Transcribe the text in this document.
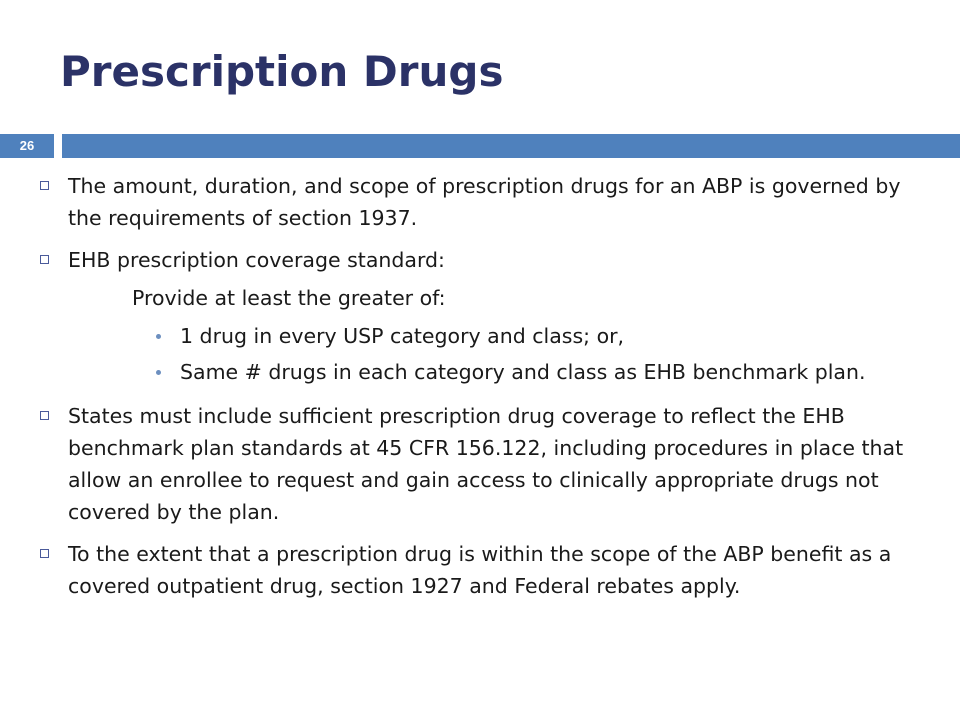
Prescription Drugs
26
The amount, duration, and scope of prescription drugs for an ABP is governed by the requirements of section 1937.
EHB prescription coverage standard:
Provide at least the greater of:
1 drug in every USP category and class; or,
Same # drugs in each category and class as EHB benchmark plan.
States must include sufficient prescription drug coverage to reflect the EHB benchmark plan standards at 45 CFR 156.122, including procedures in place that allow an enrollee to request and gain access to clinically appropriate drugs not covered by the plan.
To the extent that a prescription drug is within the scope of the ABP benefit as a covered outpatient drug, section 1927 and Federal rebates apply.
